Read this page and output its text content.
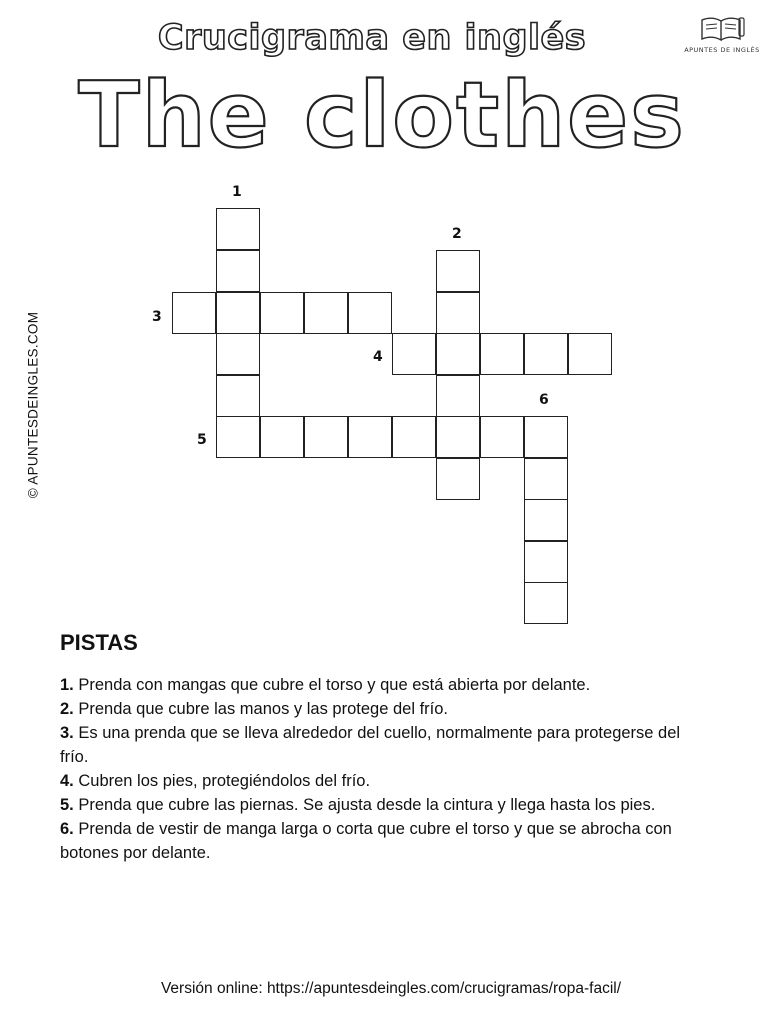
Crucigrama en inglés
The clothes
APUNTES DE INGLÉS
© APUNTESDEINGLES.COM
1
2
3
4
5
6
PISTAS
1. Prenda con mangas que cubre el torso y que está abierta por delante.
2. Prenda que cubre las manos y las protege del frío.
3. Es una prenda que se lleva alrededor del cuello, normalmente para protegerse del frío.
4. Cubren los pies, protegiéndolos del frío.
5. Prenda que cubre las piernas. Se ajusta desde la cintura y llega hasta los pies.
6. Prenda de vestir de manga larga o corta que cubre el torso y que se abrocha con botones por delante.

Versión online: https://apuntesdeingles.com/crucigramas/ropa-facil/
